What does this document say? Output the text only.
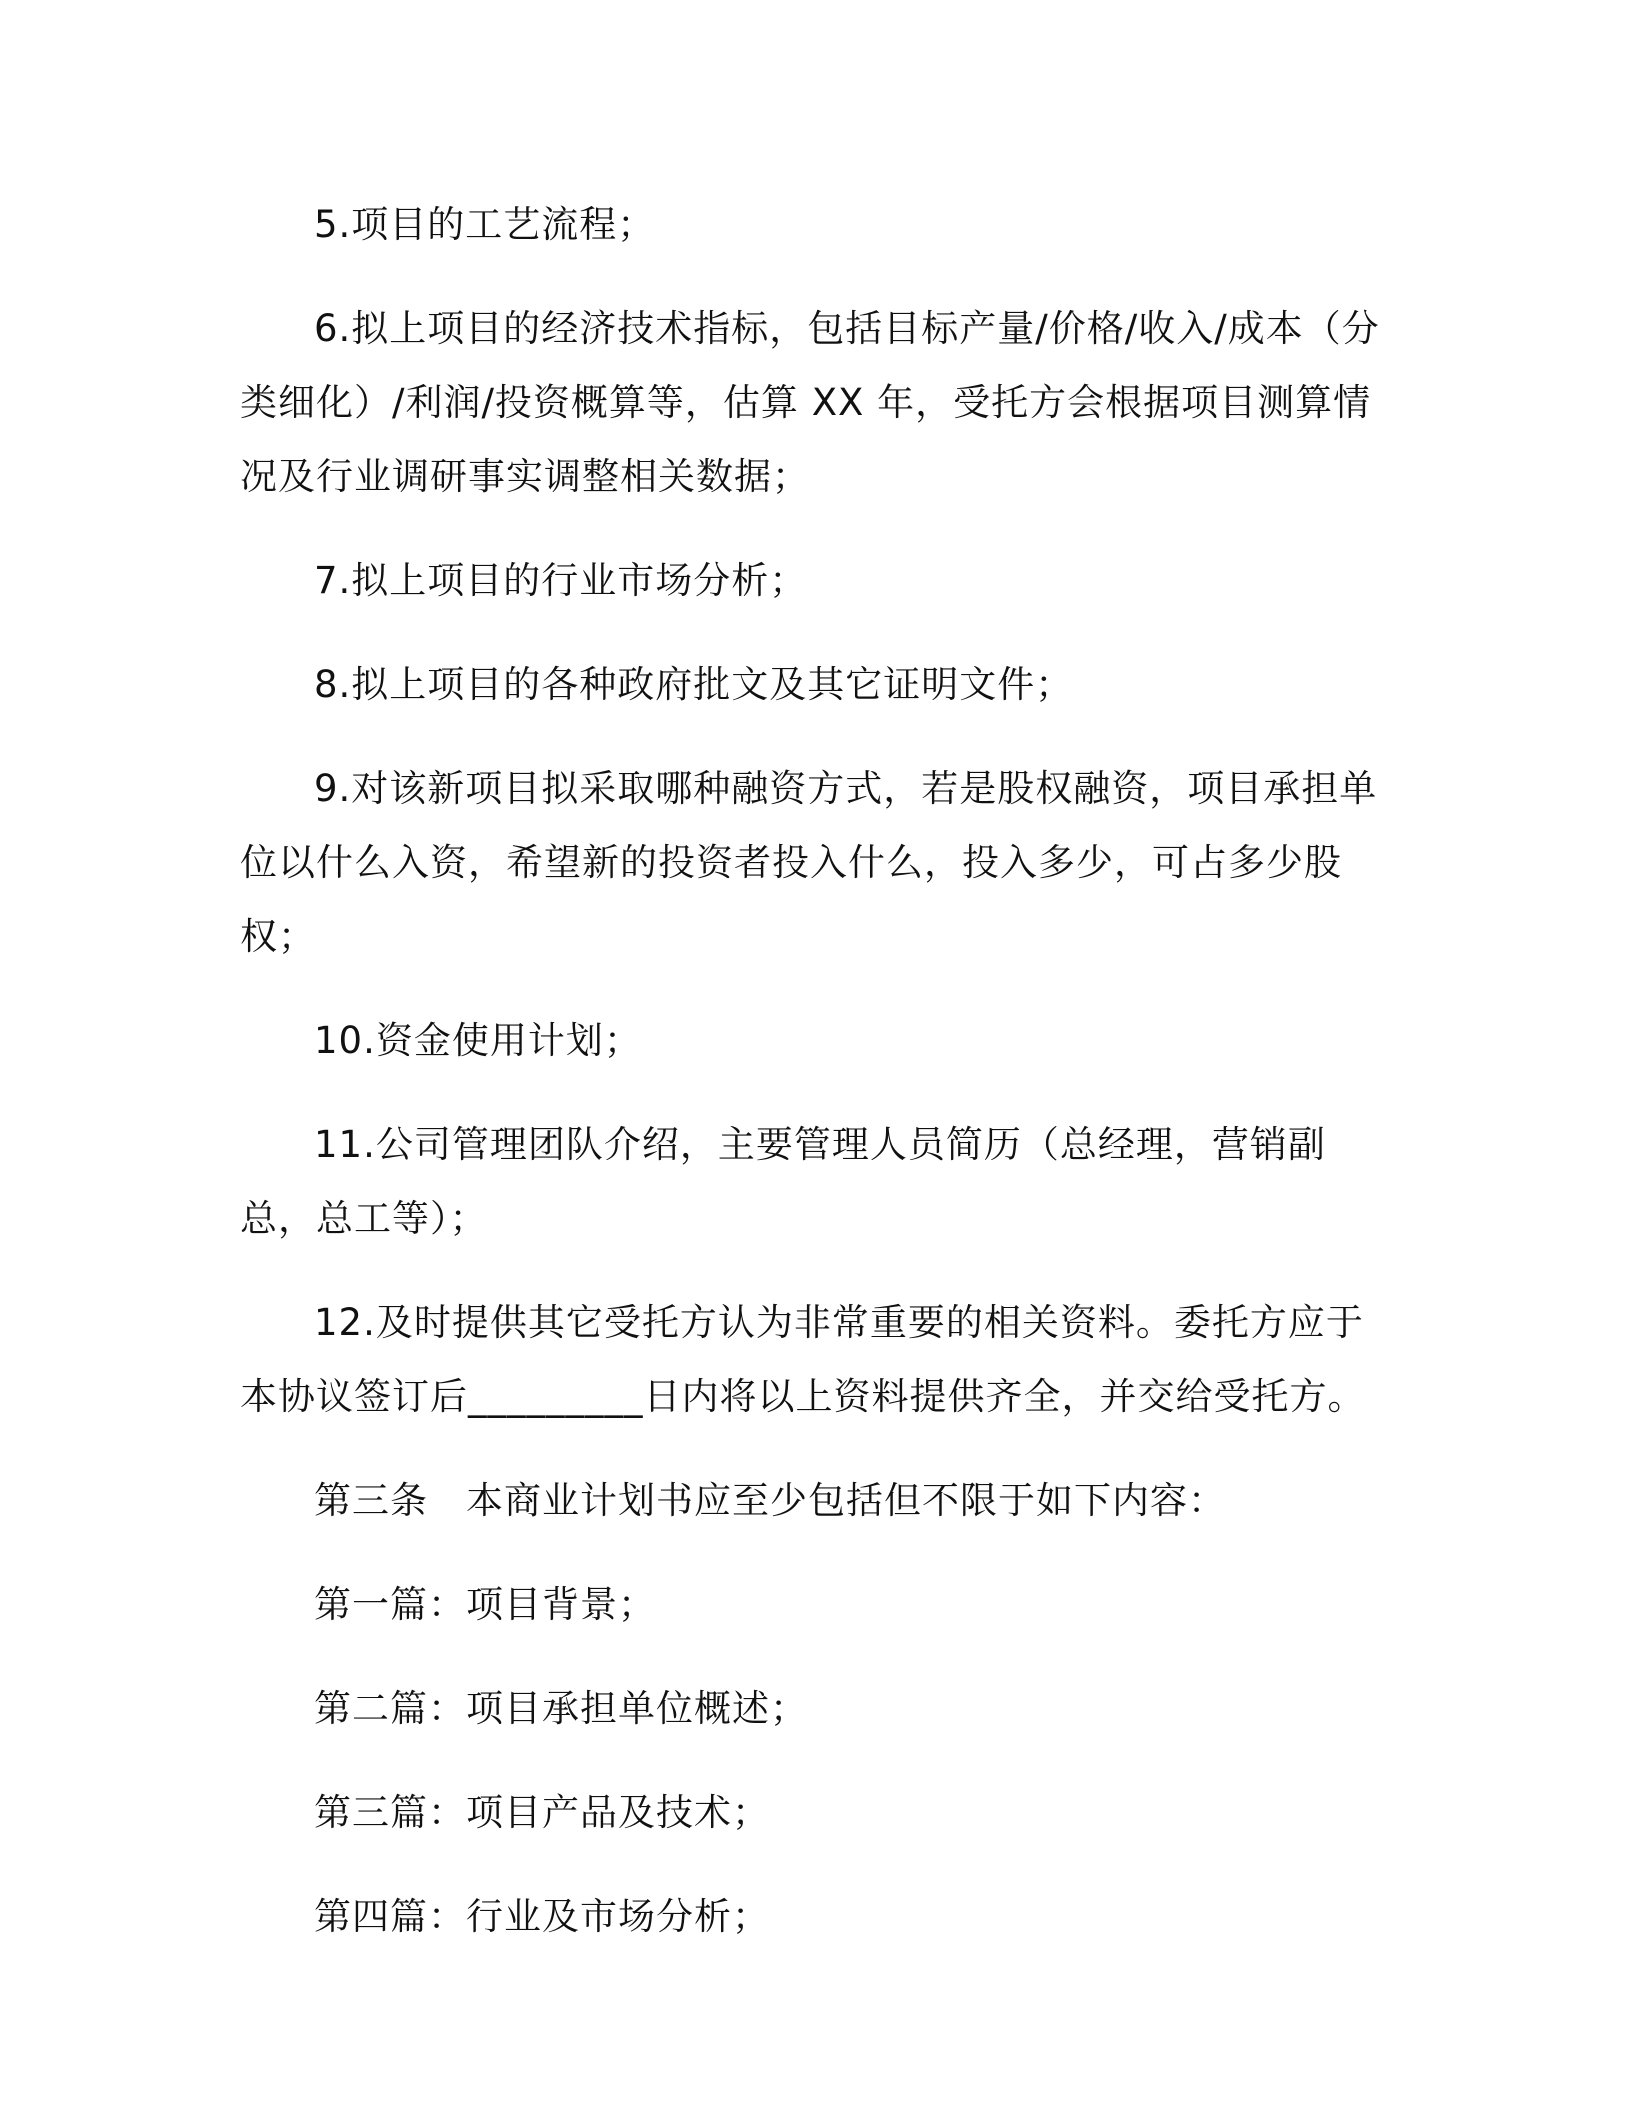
5.项目的工艺流程；

6.拟上项目的经济技术指标，包括目标产量/价格/收入/成本（分类细化）/利润/投资概算等，估算 XX 年，受托方会根据项目测算情况及行业调研事实调整相关数据；

7.拟上项目的行业市场分析；

8.拟上项目的各种政府批文及其它证明文件；

9.对该新项目拟采取哪种融资方式，若是股权融资，项目承担单位以什么入资，希望新的投资者投入什么，投入多少，可占多少股权；

10.资金使用计划；

11.公司管理团队介绍，主要管理人员简历（总经理，营销副总，总工等）；

12.及时提供其它受托方认为非常重要的相关资料。委托方应于本协议签订后_________日内将以上资料提供齐全，并交给受托方。

第三条　本商业计划书应至少包括但不限于如下内容：

第一篇：项目背景；

第二篇：项目承担单位概述；

第三篇：项目产品及技术；

第四篇：行业及市场分析；
